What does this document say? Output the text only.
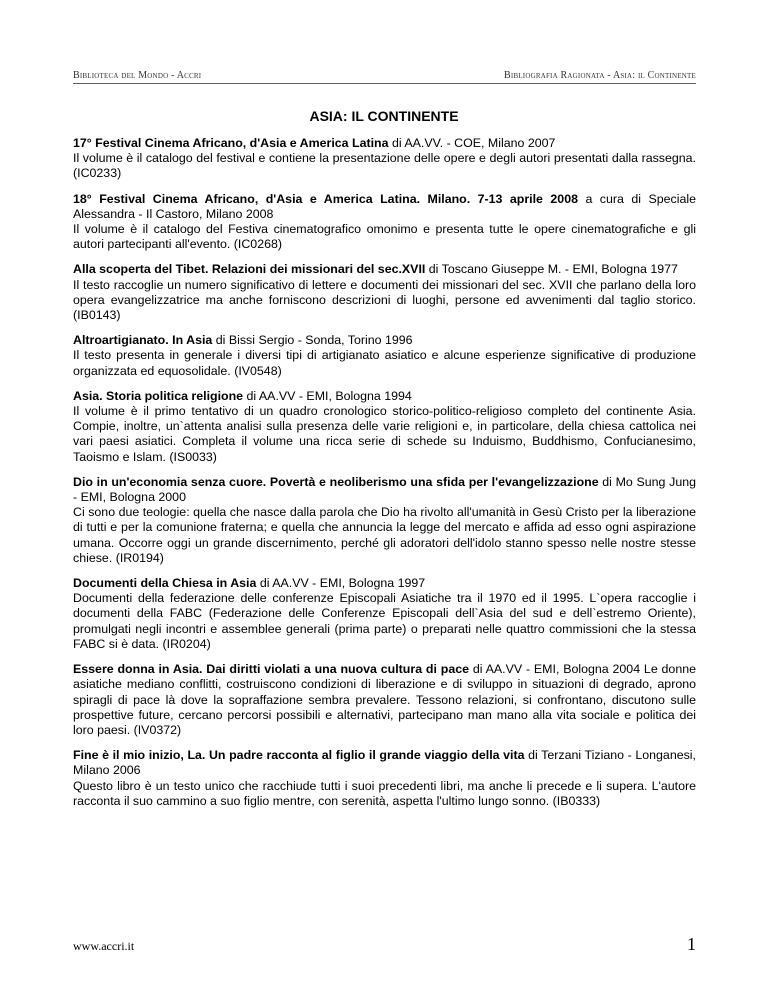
Biblioteca del Mondo - Accri	Bibliografia Ragionata - Asia: il Continente
ASIA: IL CONTINENTE
17° Festival Cinema Africano, d'Asia e America Latina di AA.VV. - COE, Milano 2007
Il volume è il catalogo del festival e contiene la presentazione delle opere e degli autori presentati dalla rassegna. (IC0233)
18° Festival Cinema Africano, d'Asia e America Latina. Milano. 7-13 aprile 2008 a cura di Speciale Alessandra - Il Castoro, Milano 2008
Il volume è il catalogo del Festiva cinematografico omonimo e presenta tutte le opere cinematografiche e gli autori partecipanti all'evento. (IC0268)
Alla scoperta del Tibet. Relazioni dei missionari del sec.XVII di Toscano Giuseppe M. - EMI, Bologna 1977
Il testo raccoglie un numero significativo di lettere e documenti dei missionari del sec. XVII che parlano della loro opera evangelizzatrice ma anche forniscono descrizioni di luoghi, persone ed avvenimenti dal taglio storico. (IB0143)
Altroartigianato. In Asia di Bissi Sergio - Sonda, Torino 1996
Il testo presenta in generale i diversi tipi di artigianato asiatico e alcune esperienze significative di produzione organizzata ed equosolidale. (IV0548)
Asia. Storia politica religione di AA.VV - EMI, Bologna 1994
Il volume è il primo tentativo di un quadro cronologico storico-politico-religioso completo del continente Asia. Compie, inoltre, un`attenta analisi sulla presenza delle varie religioni e, in particolare, della chiesa cattolica nei vari paesi asiatici. Completa il volume una ricca serie di schede su Induismo, Buddhismo, Confucianesimo, Taoismo e Islam. (IS0033)
Dio in un'economia senza cuore. Povertà e neoliberismo una sfida per l'evangelizzazione di Mo Sung Jung - EMI, Bologna 2000
Ci sono due teologie: quella che nasce dalla parola che Dio ha rivolto all'umanità in Gesù Cristo per la liberazione di tutti e per la comunione fraterna; e quella che annuncia la legge del mercato e affida ad esso ogni aspirazione umana. Occorre oggi un grande discernimento, perché gli adoratori dell'idolo stanno spesso nelle nostre stesse chiese. (IR0194)
Documenti della Chiesa in Asia di AA.VV - EMI, Bologna 1997
Documenti della federazione delle conferenze Episcopali Asiatiche tra il 1970 ed il 1995. L`opera raccoglie i documenti della FABC (Federazione delle Conferenze Episcopali dell`Asia del sud e dell`estremo Oriente), promulgati negli incontri e assemblee generali (prima parte) o preparati nelle quattro commissioni che la stessa FABC si è data. (IR0204)
Essere donna in Asia. Dai diritti violati a una nuova cultura di pace di AA.VV - EMI, Bologna 2004 Le donne asiatiche mediano conflitti, costruiscono condizioni di liberazione e di sviluppo in situazioni di degrado, aprono spiragli di pace là dove la sopraffazione sembra prevalere. Tessono relazioni, si confrontano, discutono sulle prospettive future, cercano percorsi possibili e alternativi, partecipano man mano alla vita sociale e politica dei loro paesi. (IV0372)
Fine è il mio inizio, La. Un padre racconta al figlio il grande viaggio della vita di Terzani Tiziano - Longanesi, Milano 2006
Questo libro è un testo unico che racchiude tutti i suoi precedenti libri, ma anche li precede e li supera. L'autore racconta il suo cammino a suo figlio mentre, con serenità, aspetta l'ultimo lungo sonno. (IB0333)
www.accri.it	1
